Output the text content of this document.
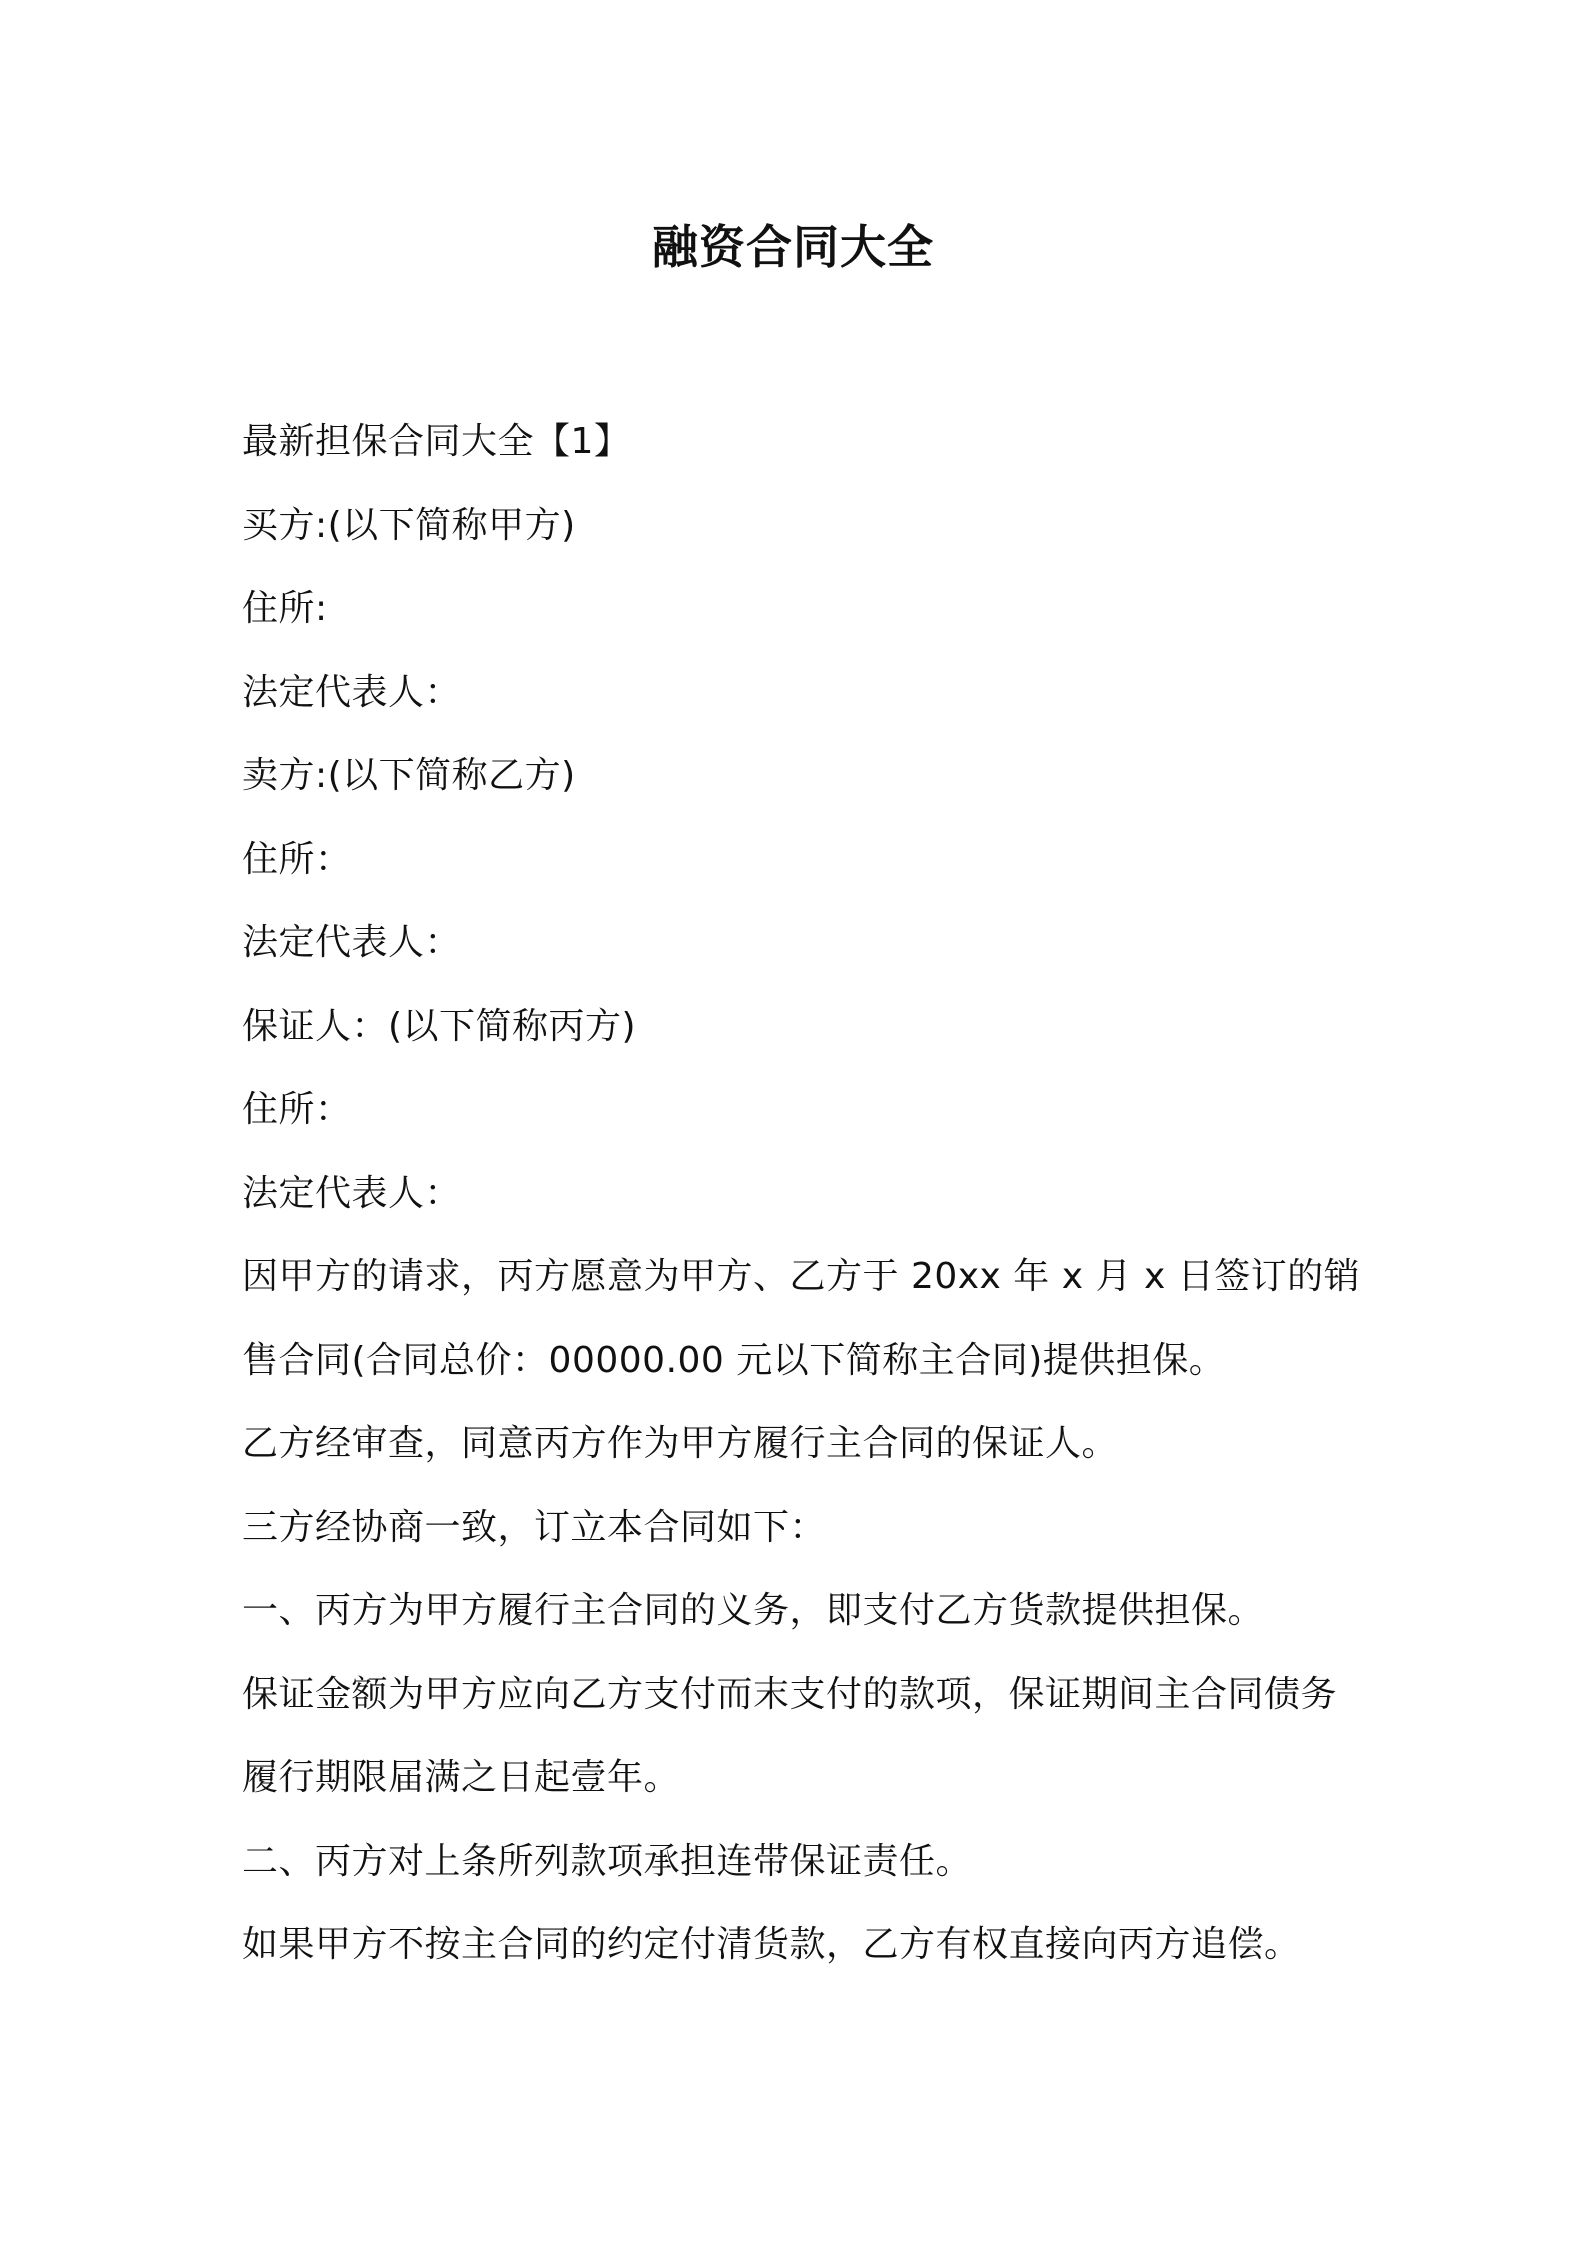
融资合同大全
最新担保合同大全【1】
买方:(以下简称甲方)
住所:
法定代表人：
卖方:(以下简称乙方)
住所：
法定代表人：
保证人：(以下简称丙方)
住所：
法定代表人：
因甲方的请求，丙方愿意为甲方、乙方于 20xx 年 x 月 x 日签订的销
售合同(合同总价：00000.00 元以下简称主合同)提供担保。
乙方经审查，同意丙方作为甲方履行主合同的保证人。
三方经协商一致，订立本合同如下：
一、丙方为甲方履行主合同的义务，即支付乙方货款提供担保。
保证金额为甲方应向乙方支付而末支付的款项，保证期间主合同债务
履行期限届满之日起壹年。
二、丙方对上条所列款项承担连带保证责任。
如果甲方不按主合同的约定付清货款，乙方有权直接向丙方追偿。
